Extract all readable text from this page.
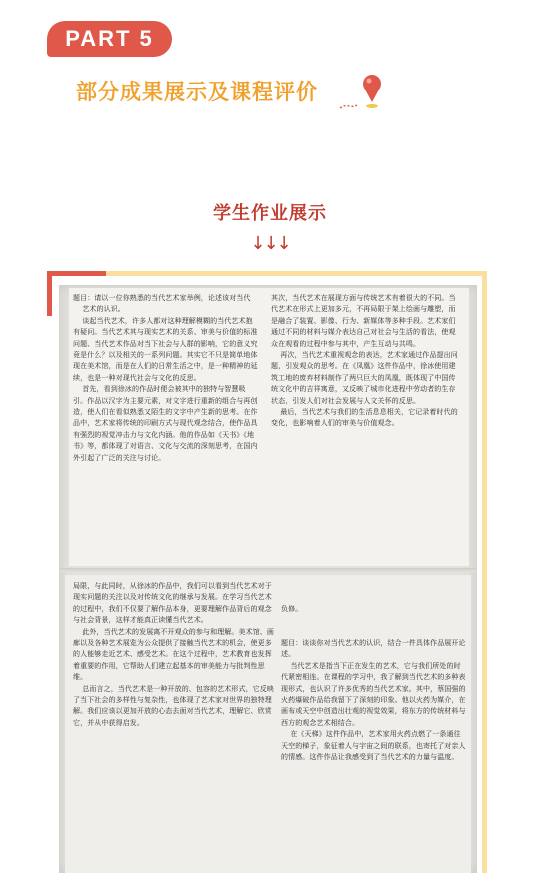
PART 5
部分成果展示及课程评价
学生作业展示
↓↓↓
题目：请以一位你熟悉的当代艺术家举例，论述该对当代
艺术的认识。
谈起当代艺术，许多人都对这种理解模糊的当代艺术抱有疑问。当代艺术其与现实艺术的关系、审美与价值的标准问题、当代艺术作品对当下社会与人群的影响，它的意义究竟是什么？以及相关的一系列问题。其实它不只是简单地体现在美术馆，而是在人们的日常生活之中，是一种精神的延续，也是一种对现代社会与文化的反思。
首先，看到徐冰的作品时便会被其中的独特与智慧吸引。作品以汉字为主要元素，对文字进行重新的组合与再创造，使人们在看似熟悉又陌生的文字中产生新的思考。在作品中，艺术家将传统的印刷方式与现代观念结合，使作品具有强烈的视觉冲击力与文化内涵。他的作品如《天书》《地书》等，都体现了对语言、文化与交流的深刻思考，在国内外引起了广泛的关注与讨论。
其次，当代艺术在展现方面与传统艺术有着很大的不同。当代艺术在形式上更加多元，不再局限于架上绘画与雕塑，而是融合了装置、影像、行为、新媒体等多种手段。艺术家们通过不同的材料与媒介表达自己对社会与生活的看法，使观众在观看的过程中参与其中，产生互动与共鸣。
再次，当代艺术重视观念的表达，艺术家通过作品提出问题，引发观众的思考。在《凤凰》这件作品中，徐冰使用建筑工地的废弃材料制作了两只巨大的凤凰，既体现了中国传统文化中的吉祥寓意，又反映了城市化进程中劳动者的生存状态，引发人们对社会发展与人文关怀的反思。
最后，当代艺术与我们的生活息息相关，它记录着时代的变化，也影响着人们的审美与价值观念。
局限，与此同时，从徐冰的作品中，我们可以看到当代艺术对于现实问题的关注以及对传统文化的继承与发展。在学习当代艺术的过程中，我们不仅要了解作品本身，更要理解作品背后的观念与社会背景，这样才能真正读懂当代艺术。
此外，当代艺术的发展离不开观众的参与和理解。美术馆、画廊以及各种艺术展览为公众提供了接触当代艺术的机会，使更多的人能够走近艺术、感受艺术。在这个过程中，艺术教育也发挥着重要的作用，它帮助人们建立起基本的审美能力与批判性思维。
总而言之，当代艺术是一种开放的、包容的艺术形式，它反映了当下社会的多样性与复杂性，也体现了艺术家对世界的独特理解。我们应该以更加开放的心态去面对当代艺术，理解它、欣赏它，并从中获得启发。

负修。

题目：谈谈你对当代艺术的认识，结合一件具体作品展开论述。
当代艺术是指当下正在发生的艺术，它与我们所处的时代紧密相连。在课程的学习中，我了解到当代艺术的多种表现形式，也认识了许多优秀的当代艺术家。其中，蔡国强的火药爆破作品给我留下了深刻的印象。他以火药为媒介，在画布或天空中创造出壮观的视觉效果，将东方的传统材料与西方的观念艺术相结合。
在《天梯》这件作品中，艺术家用火药点燃了一条通往天空的梯子，象征着人与宇宙之间的联系，也寄托了对亲人的情感。这件作品让我感受到了当代艺术的力量与温度。
